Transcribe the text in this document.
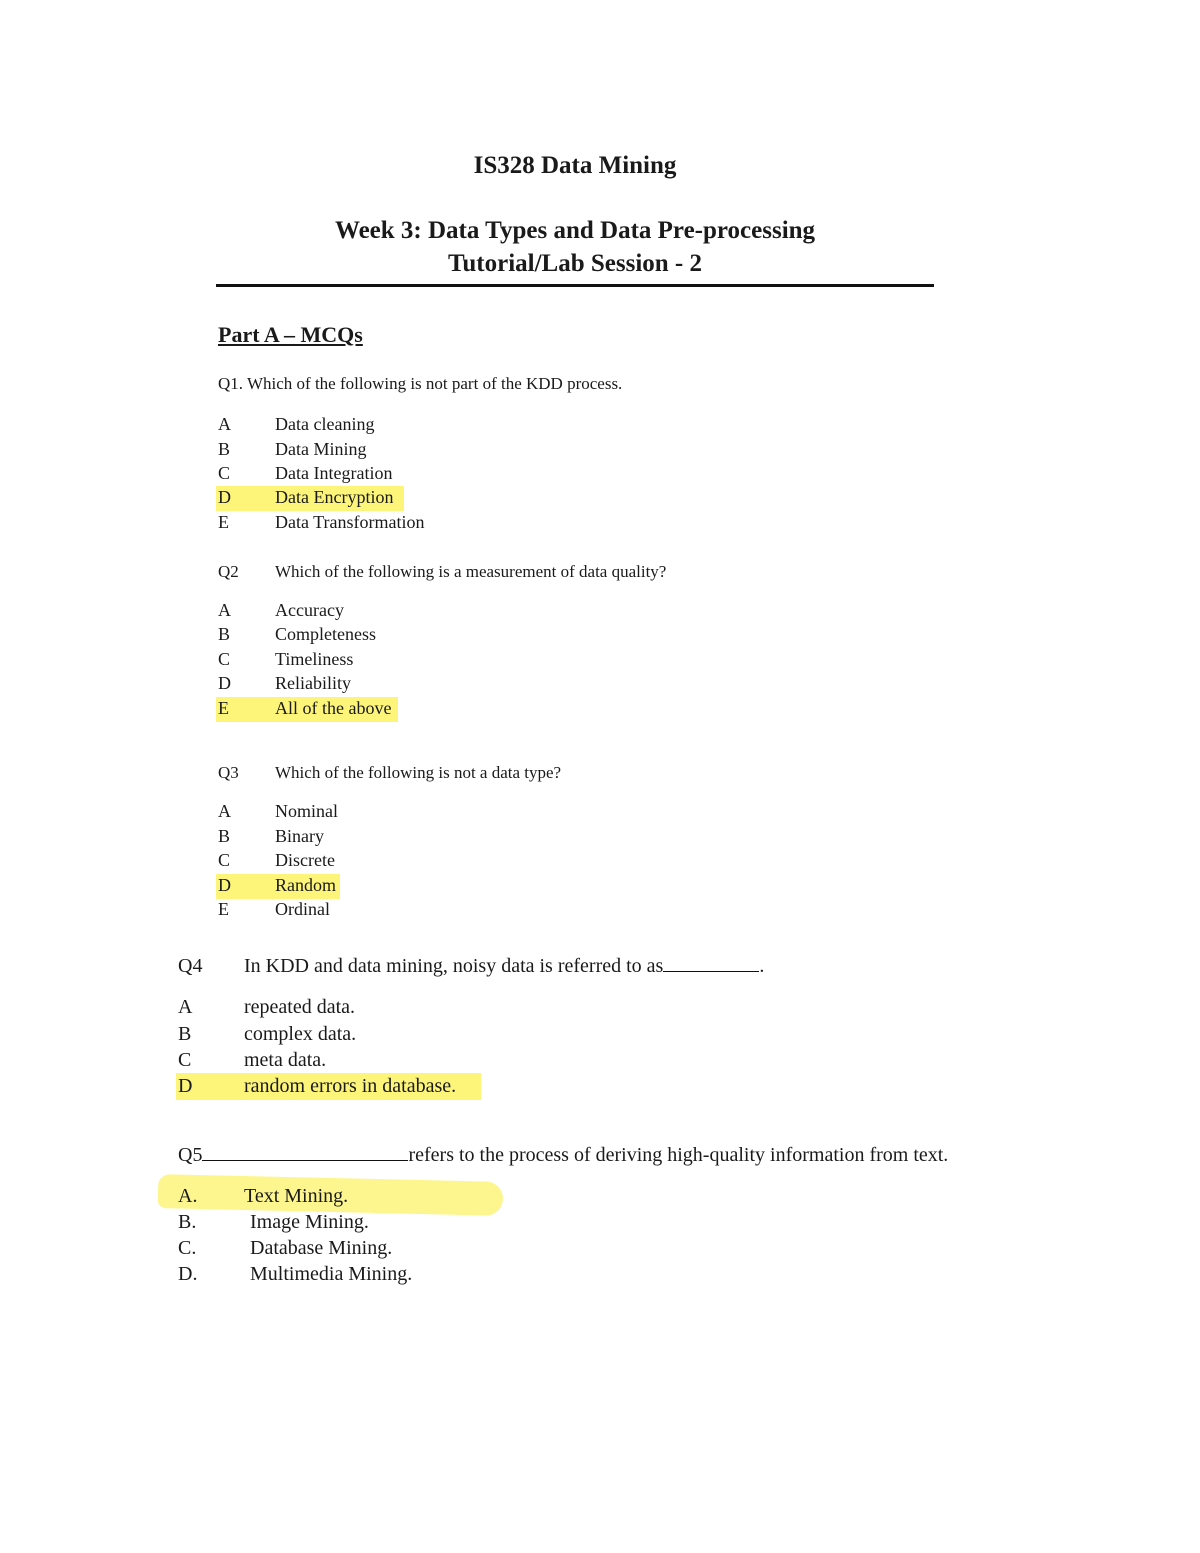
IS328 Data Mining
Week 3: Data Types and Data Pre-processing
Tutorial/Lab Session - 2
Part A – MCQs
Q1. Which of the following is not part of the KDD process.
A Data cleaning
B Data Mining
C Data Integration
D Data Encryption
E	Data Transformation
Q2 Which of the following is a measurement of data quality?
A Accuracy
B Completeness
C Timeliness
D Reliability
E	All of the above
Q3 Which of the following is not a data type?
A Nominal
B Binary
C Discrete
D Random
E	Ordinal
Q4 In KDD and data mining, noisy data is referred to as	.
A	repeated data.
B	complex data.
C	meta data.
D	random errors in database.
Q5	refers to the process of deriving high-quality information from text.
A. Text Mining.
B.	Image Mining.
C.	Database Mining.
D.	Multimedia Mining.
